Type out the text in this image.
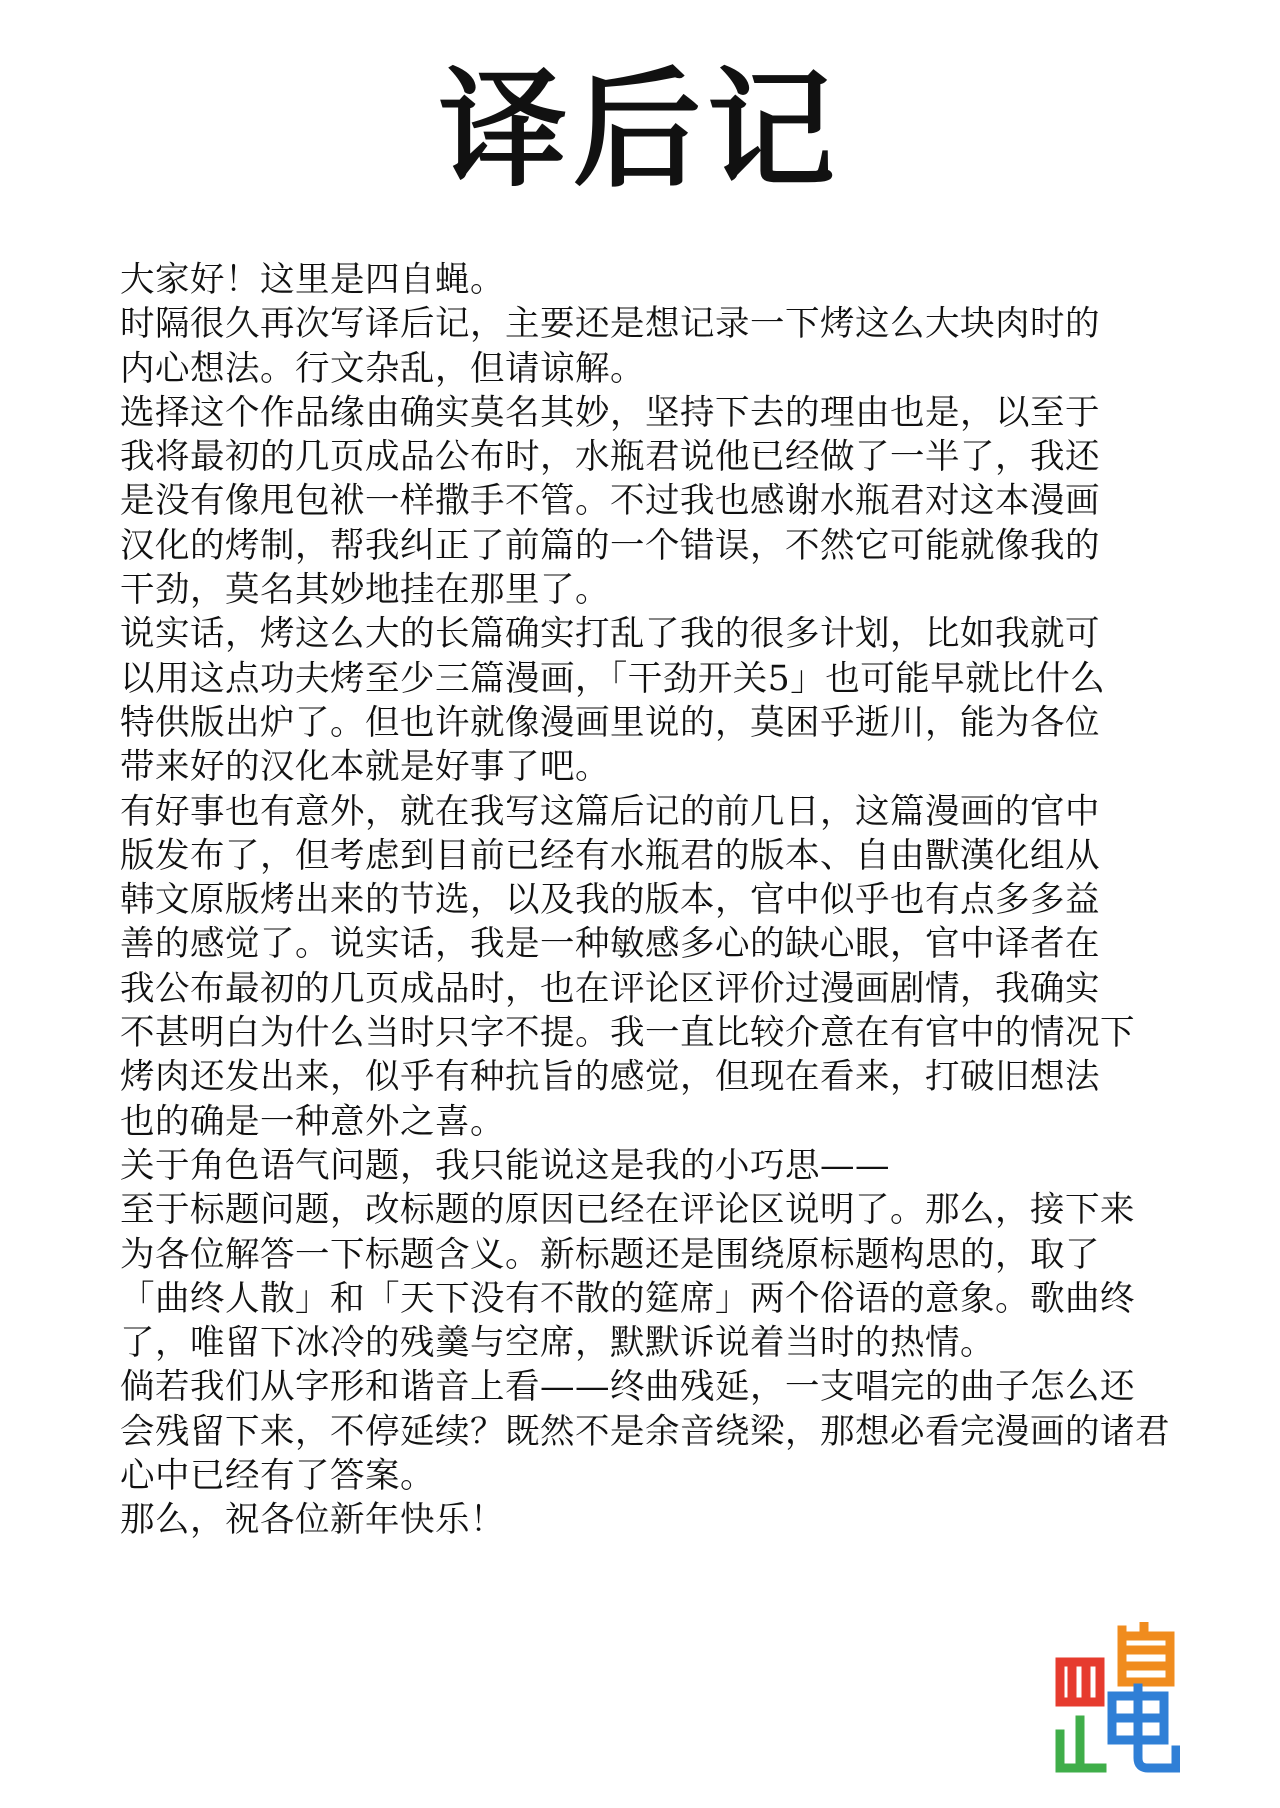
译后记
大家好！这里是四自蝇。
时隔很久再次写译后记，主要还是想记录一下烤这么大块肉时的
内心想法。行文杂乱，但请谅解。
选择这个作品缘由确实莫名其妙，坚持下去的理由也是，以至于
我将最初的几页成品公布时，水瓶君说他已经做了一半了，我还
是没有像甩包袱一样撒手不管。不过我也感谢水瓶君对这本漫画
汉化的烤制，帮我纠正了前篇的一个错误，不然它可能就像我的
干劲，莫名其妙地挂在那里了。
说实话，烤这么大的长篇确实打乱了我的很多计划，比如我就可
以用这点功夫烤至少三篇漫画，「干劲开关5」也可能早就比什么
特供版出炉了。但也许就像漫画里说的，莫困乎逝川，能为各位
带来好的汉化本就是好事了吧。
有好事也有意外，就在我写这篇后记的前几日，这篇漫画的官中
版发布了，但考虑到目前已经有水瓶君的版本、自由獸漢化组从
韩文原版烤出来的节选，以及我的版本，官中似乎也有点多多益
善的感觉了。说实话，我是一种敏感多心的缺心眼，官中译者在
我公布最初的几页成品时，也在评论区评价过漫画剧情，我确实
不甚明白为什么当时只字不提。我一直比较介意在有官中的情况下
烤肉还发出来，似乎有种抗旨的感觉，但现在看来，打破旧想法
也的确是一种意外之喜。
关于角色语气问题，我只能说这是我的小巧思——
至于标题问题，改标题的原因已经在评论区说明了。那么，接下来
为各位解答一下标题含义。新标题还是围绕原标题构思的，取了
「曲终人散」和「天下没有不散的筵席」两个俗语的意象。歌曲终
了，唯留下冰冷的残羹与空席，默默诉说着当时的热情。
倘若我们从字形和谐音上看——终曲残延，一支唱完的曲子怎么还
会残留下来，不停延续？既然不是余音绕梁，那想必看完漫画的诸君
心中已经有了答案。
那么，祝各位新年快乐！
